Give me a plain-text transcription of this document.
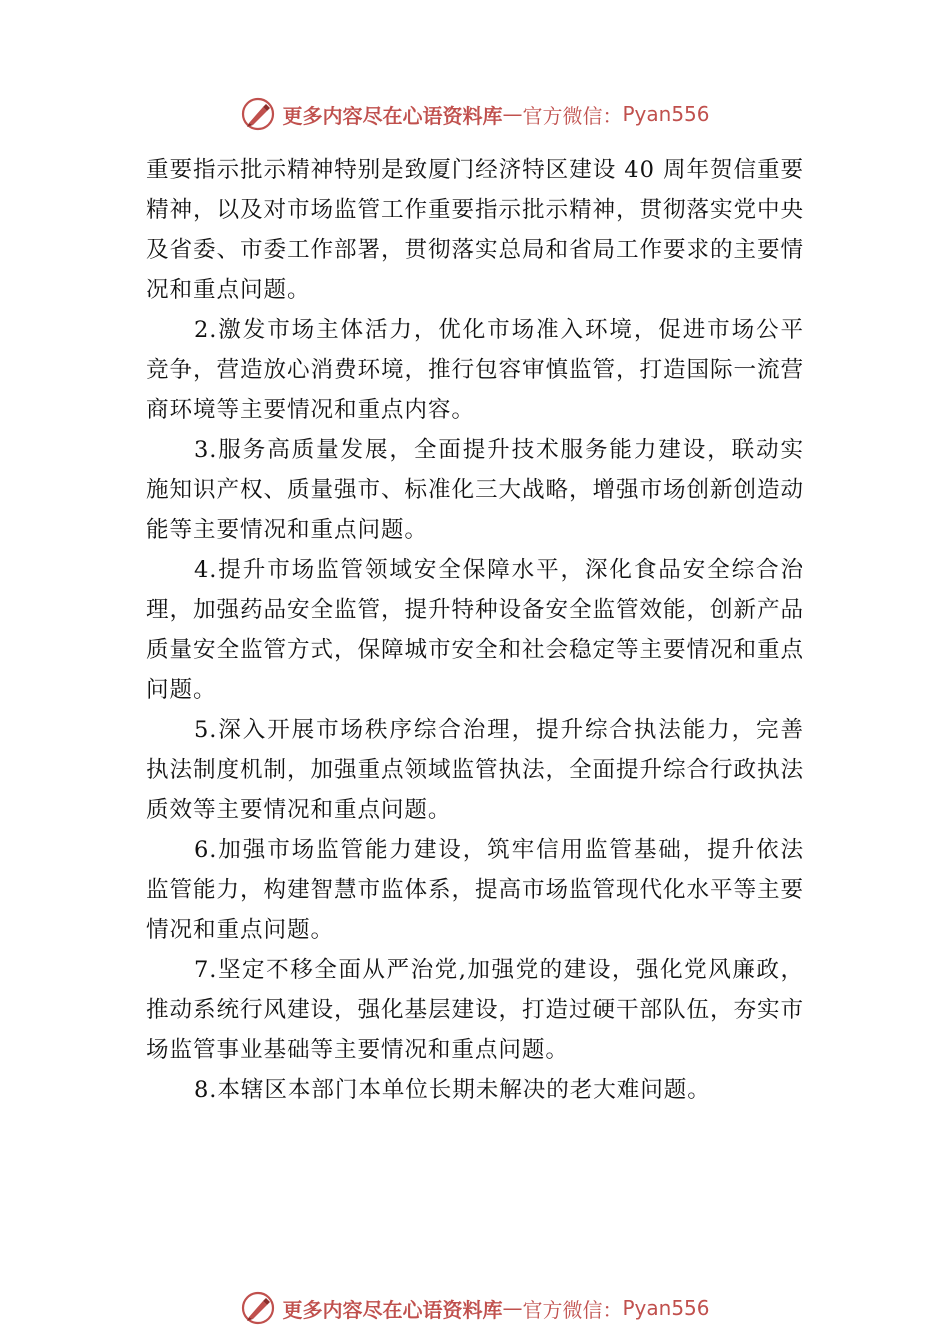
更多内容尽在心语资料库 — 官方微信： Pyan556

重要指示批示精神特别是致厦门经济特区建设 40 周年贺信重要精神，以及对市场监管工作重要指示批示精神，贯彻落实党中央及省委、市委工作部署，贯彻落实总局和省局工作要求的主要情况和重点问题。

2.激发市场主体活力，优化市场准入环境，促进市场公平竞争，营造放心消费环境，推行包容审慎监管，打造国际一流营商环境等主要情况和重点内容。

3.服务高质量发展，全面提升技术服务能力建设，联动实施知识产权、质量强市、标准化三大战略，增强市场创新创造动能等主要情况和重点问题。

4.提升市场监管领域安全保障水平，深化食品安全综合治理，加强药品安全监管，提升特种设备安全监管效能，创新产品质量安全监管方式，保障城市安全和社会稳定等主要情况和重点问题。

5.深入开展市场秩序综合治理，提升综合执法能力，完善执法制度机制，加强重点领域监管执法，全面提升综合行政执法质效等主要情况和重点问题。

6.加强市场监管能力建设，筑牢信用监管基础，提升依法监管能力，构建智慧市监体系，提高市场监管现代化水平等主要情况和重点问题。

7.坚定不移全面从严治党,加强党的建设，强化党风廉政，推动系统行风建设，强化基层建设，打造过硬干部队伍，夯实市场监管事业基础等主要情况和重点问题。

8.本辖区本部门本单位长期未解决的老大难问题。

更多内容尽在心语资料库 — 官方微信： Pyan556
